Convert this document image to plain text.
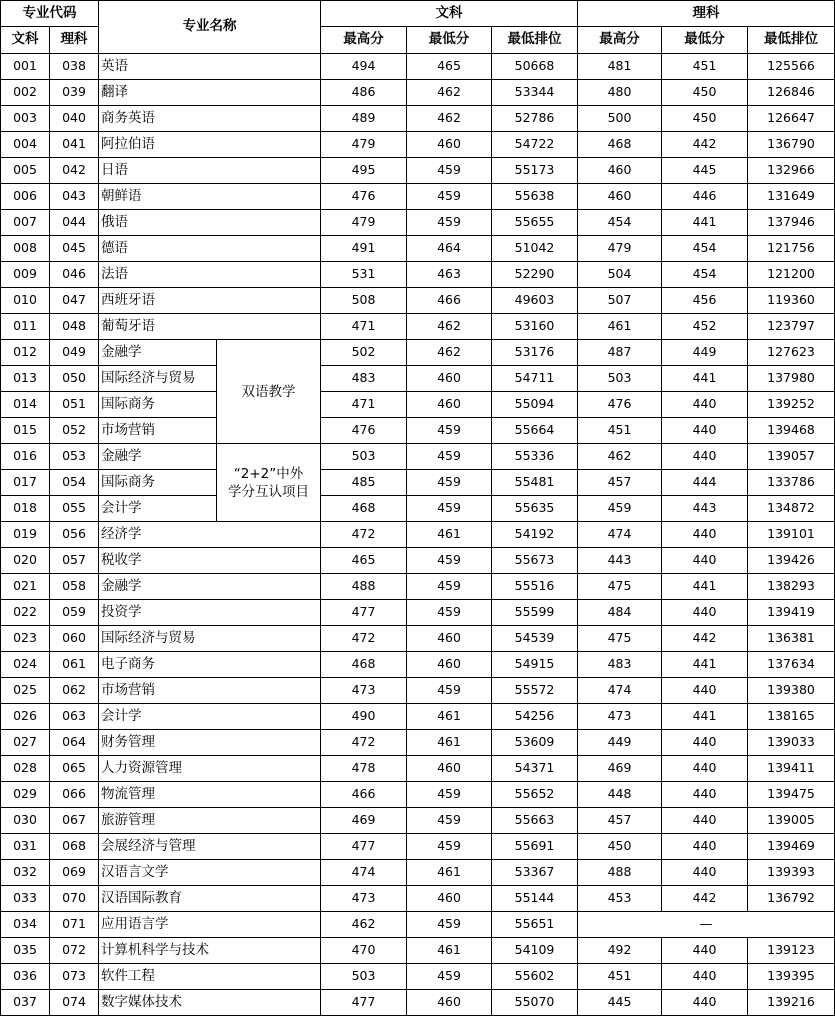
专业代码		专业名称		文科			理科		
文科	理科			最高分	最低分	最低排位	最高分	最低分	最低排位
001	038	英语		494	465	50668	481	451	125566
002	039	翻译		486	462	53344	480	450	126846
003	040	商务英语		489	462	52786	500	450	126647
004	041	阿拉伯语		479	460	54722	468	442	136790
005	042	日语		495	459	55173	460	445	132966
006	043	朝鲜语		476	459	55638	460	446	131649
007	044	俄语		479	459	55655	454	441	137946
008	045	德语		491	464	51042	479	454	121756
009	046	法语		531	463	52290	504	454	121200
010	047	西班牙语		508	466	49603	507	456	119360
011	048	葡萄牙语		471	462	53160	461	452	123797
012	049	金融学	双语教学	502	462	53176	487	449	127623
013	050	国际经济与贸易		483	460	54711	503	441	137980
014	051	国际商务		471	460	55094	476	440	139252
015	052	市场营销		476	459	55664	451	440	139468
016	053	金融学	“2+2”中外
学分互认项目	503	459	55336	462	440	139057
017	054	国际商务		485	459	55481	457	444	133786
018	055	会计学		468	459	55635	459	443	134872
019	056	经济学		472	461	54192	474	440	139101
020	057	税收学		465	459	55673	443	440	139426
021	058	金融学		488	459	55516	475	441	138293
022	059	投资学		477	459	55599	484	440	139419
023	060	国际经济与贸易		472	460	54539	475	442	136381
024	061	电子商务		468	460	54915	483	441	137634
025	062	市场营销		473	459	55572	474	440	139380
026	063	会计学		490	461	54256	473	441	138165
027	064	财务管理		472	461	53609	449	440	139033
028	065	人力资源管理		478	460	54371	469	440	139411
029	066	物流管理		466	459	55652	448	440	139475
030	067	旅游管理		469	459	55663	457	440	139005
031	068	会展经济与管理		477	459	55691	450	440	139469
032	069	汉语言文学		474	461	53367	488	440	139393
033	070	汉语国际教育		473	460	55144	453	442	136792
034	071	应用语言学		462	459	55651	—		
035	072	计算机科学与技术		470	461	54109	492	440	139123
036	073	软件工程		503	459	55602	451	440	139395
037	074	数字媒体技术		477	460	55070	445	440	139216
